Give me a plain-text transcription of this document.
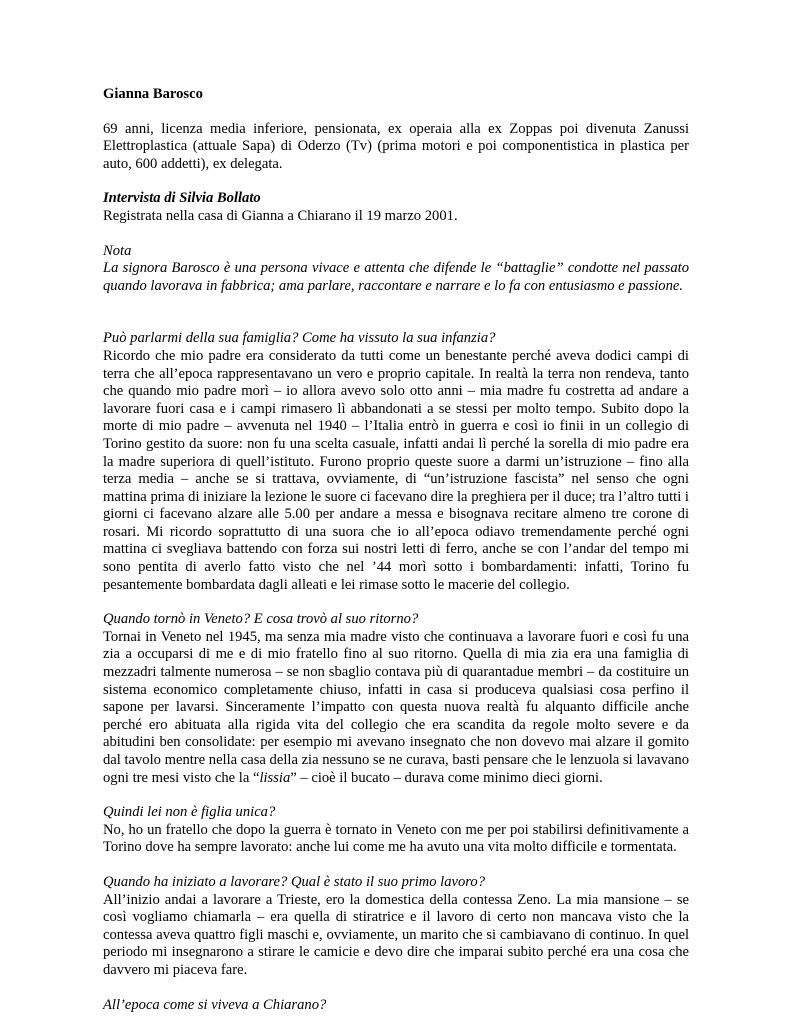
Gianna Barosco

69 anni, licenza media inferiore, pensionata, ex operaia alla ex Zoppas poi divenuta Zanussi Elettroplastica (attuale Sapa) di Oderzo (Tv) (prima motori e poi componentistica in plastica per auto, 600 addetti), ex delegata.

Intervista di Silvia Bollato

Registrata nella casa di Gianna a Chiarano il 19 marzo 2001.

Nota

La signora Barosco è una persona vivace e attenta che difende le “battaglie” condotte nel passato quando lavorava in fabbrica; ama parlare, raccontare e narrare e lo fa con entusiasmo e passione.

Può parlarmi della sua famiglia? Come ha vissuto la sua infanzia?

Ricordo che mio padre era considerato da tutti come un benestante perché aveva dodici campi di terra che all’epoca rappresentavano un vero e proprio capitale. In realtà la terra non rendeva, tanto che quando mio padre morì – io allora avevo solo otto anni – mia madre fu costretta ad andare a lavorare fuori casa e i campi rimasero lì abbandonati a se stessi per molto tempo. Subito dopo la morte di mio padre – avvenuta nel 1940 – l’Italia entrò in guerra e così io finii in un collegio di Torino gestito da suore: non fu una scelta casuale, infatti andai lì perché la sorella di mio padre era la madre superiora di quell’istituto. Furono proprio queste suore a darmi un’istruzione – fino alla terza media – anche se si trattava, ovviamente, di “un’istruzione fascista” nel senso che ogni mattina prima di iniziare la lezione le suore ci facevano dire la preghiera per il duce; tra l’altro tutti i giorni ci facevano alzare alle 5.00 per andare a messa e bisognava recitare almeno tre corone di rosari. Mi ricordo soprattutto di una suora che io all’epoca odiavo tremendamente perché ogni mattina ci svegliava battendo con forza sui nostri letti di ferro, anche se con l’andar del tempo mi sono pentita di averlo fatto visto che nel ’44 morì sotto i bombardamenti: infatti, Torino fu pesantemente bombardata dagli alleati e lei rimase sotto le macerie del collegio.

Quando tornò in Veneto? E cosa trovò al suo ritorno?

Tornai in Veneto nel 1945, ma senza mia madre visto che continuava a lavorare fuori e così fu una zia a occuparsi di me e di mio fratello fino al suo ritorno. Quella di mia zia era una famiglia di mezzadri talmente numerosa – se non sbaglio contava più di quarantadue membri – da costituire un sistema economico completamente chiuso, infatti in casa si produceva qualsiasi cosa perfino il sapone per lavarsi. Sinceramente l’impatto con questa nuova realtà fu alquanto difficile anche perché ero abituata alla rigida vita del collegio che era scandita da regole molto severe e da abitudini ben consolidate: per esempio mi avevano insegnato che non dovevo mai alzare il gomito dal tavolo mentre nella casa della zia nessuno se ne curava, basti pensare che le lenzuola si lavavano ogni tre mesi visto che la “lissia” – cioè il bucato – durava come minimo dieci giorni.

Quindi lei non è figlia unica?

No, ho un fratello che dopo la guerra è tornato in Veneto con me per poi stabilirsi definitivamente a Torino dove ha sempre lavorato: anche lui come me ha avuto una vita molto difficile e tormentata.

Quando ha iniziato a lavorare? Qual è stato il suo primo lavoro?

All’inizio andai a lavorare a Trieste, ero la domestica della contessa Zeno. La mia mansione – se così vogliamo chiamarla – era quella di stiratrice e il lavoro di certo non mancava visto che la contessa aveva quattro figli maschi e, ovviamente, un marito che si cambiavano di continuo. In quel periodo mi insegnarono a stirare le camicie e devo dire che imparai subito perché era una cosa che davvero mi piaceva fare.

All’epoca come si viveva a Chiarano?
